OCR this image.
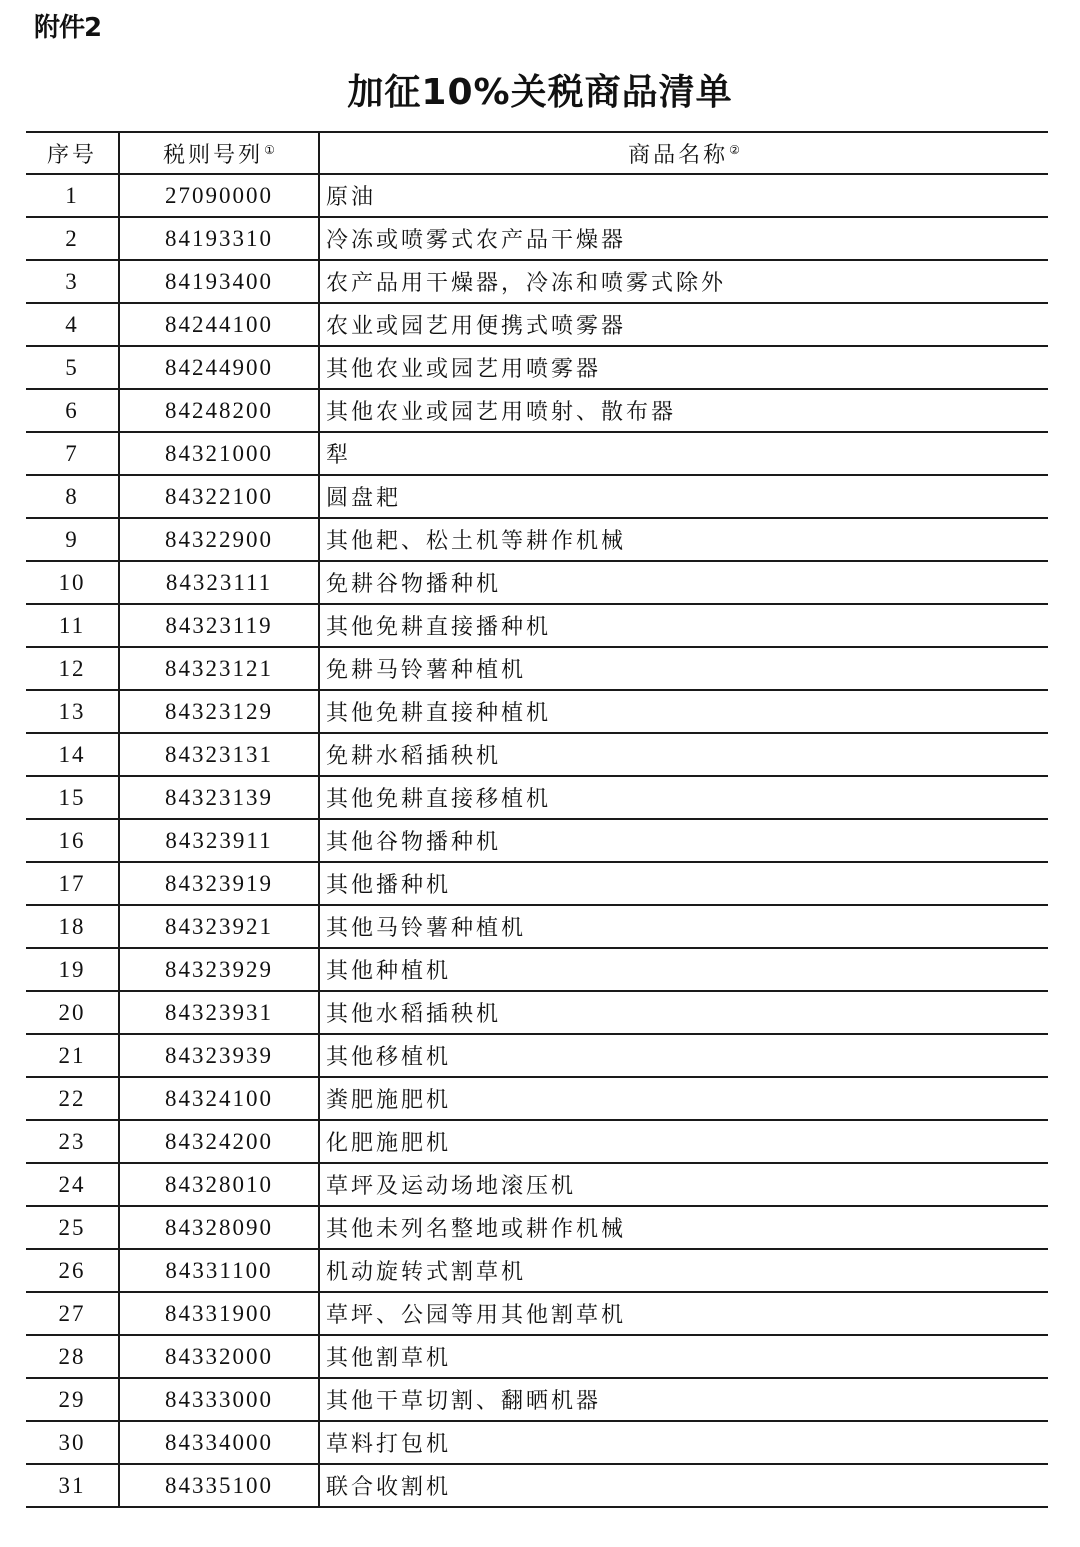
附件2
加征10%关税商品清单
序号	税则号列①	商品名称②
1	27090000	原油
2	84193310	冷冻或喷雾式农产品干燥器
3	84193400	农产品用干燥器，冷冻和喷雾式除外
4	84244100	农业或园艺用便携式喷雾器
5	84244900	其他农业或园艺用喷雾器
6	84248200	其他农业或园艺用喷射、散布器
7	84321000	犁
8	84322100	圆盘耙
9	84322900	其他耙、松土机等耕作机械
10	84323111	免耕谷物播种机
11	84323119	其他免耕直接播种机
12	84323121	免耕马铃薯种植机
13	84323129	其他免耕直接种植机
14	84323131	免耕水稻插秧机
15	84323139	其他免耕直接移植机
16	84323911	其他谷物播种机
17	84323919	其他播种机
18	84323921	其他马铃薯种植机
19	84323929	其他种植机
20	84323931	其他水稻插秧机
21	84323939	其他移植机
22	84324100	粪肥施肥机
23	84324200	化肥施肥机
24	84328010	草坪及运动场地滚压机
25	84328090	其他未列名整地或耕作机械
26	84331100	机动旋转式割草机
27	84331900	草坪、公园等用其他割草机
28	84332000	其他割草机
29	84333000	其他干草切割、翻晒机器
30	84334000	草料打包机
31	84335100	联合收割机
